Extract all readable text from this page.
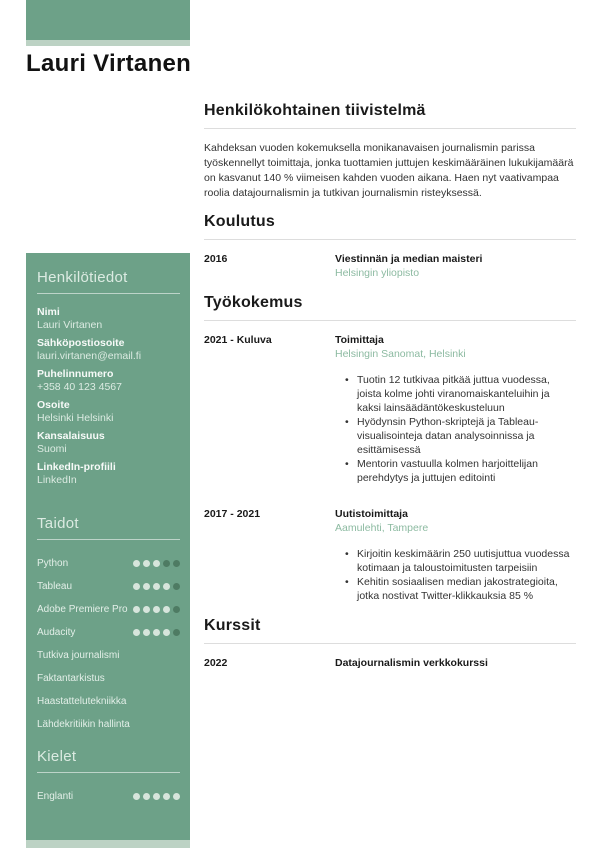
Lauri Virtanen
Henkilötiedot
Nimi
Lauri Virtanen
Sähköpostiosoite
lauri.virtanen@email.fi
Puhelinnumero
+358 40 123 4567
Osoite
Helsinki Helsinki
Kansalaisuus
Suomi
LinkedIn-profiili
LinkedIn
Taidot
Python
Tableau
Adobe Premiere Pro
Audacity
Tutkiva journalismi
Faktantarkistus
Haastattelutekniikka
Lähdekritiikin hallinta
Kielet
Englanti
Henkilökohtainen tiivistelmä

Kahdeksan vuoden kokemuksella monikanavaisen journalismin parissa työskennellyt toimittaja, jonka tuottamien juttujen keskimääräinen lukukijamäärä on kasvanut 140 % viimeisen kahden vuoden aikana. Haen nyt vaativampaa roolia datajournalismin ja tutkivan journalismin risteyksessä.

Koulutus
2016	Viestinnän ja median maisteri
Helsingin yliopisto
Työkokemus
2021 - Kuluva	Toimittaja
Helsingin Sanomat, Helsinki
• Tuotin 12 tutkivaa pitkää juttua vuodessa, joista kolme johti viranomaiskanteluihin ja kaksi lainsäädäntökeskusteluun
• Hyödynsin Python-skriptejä ja Tableau-visualisointeja datan analysoinnissa ja esittämisessä
• Mentorin vastuulla kolmen harjoittelijan perehdytys ja juttujen editointi
2017 - 2021	Uutistoimittaja
Aamulehti, Tampere
• Kirjoitin keskimäärin 250 uutisjuttua vuodessa kotimaan ja taloustoimitusten tarpeisiin
• Kehitin sosiaalisen median jakostrategioita, jotka nostivat Twitter-klikkauksia 85 %
Kurssit
2022	Datajournalismin verkkokurssi
